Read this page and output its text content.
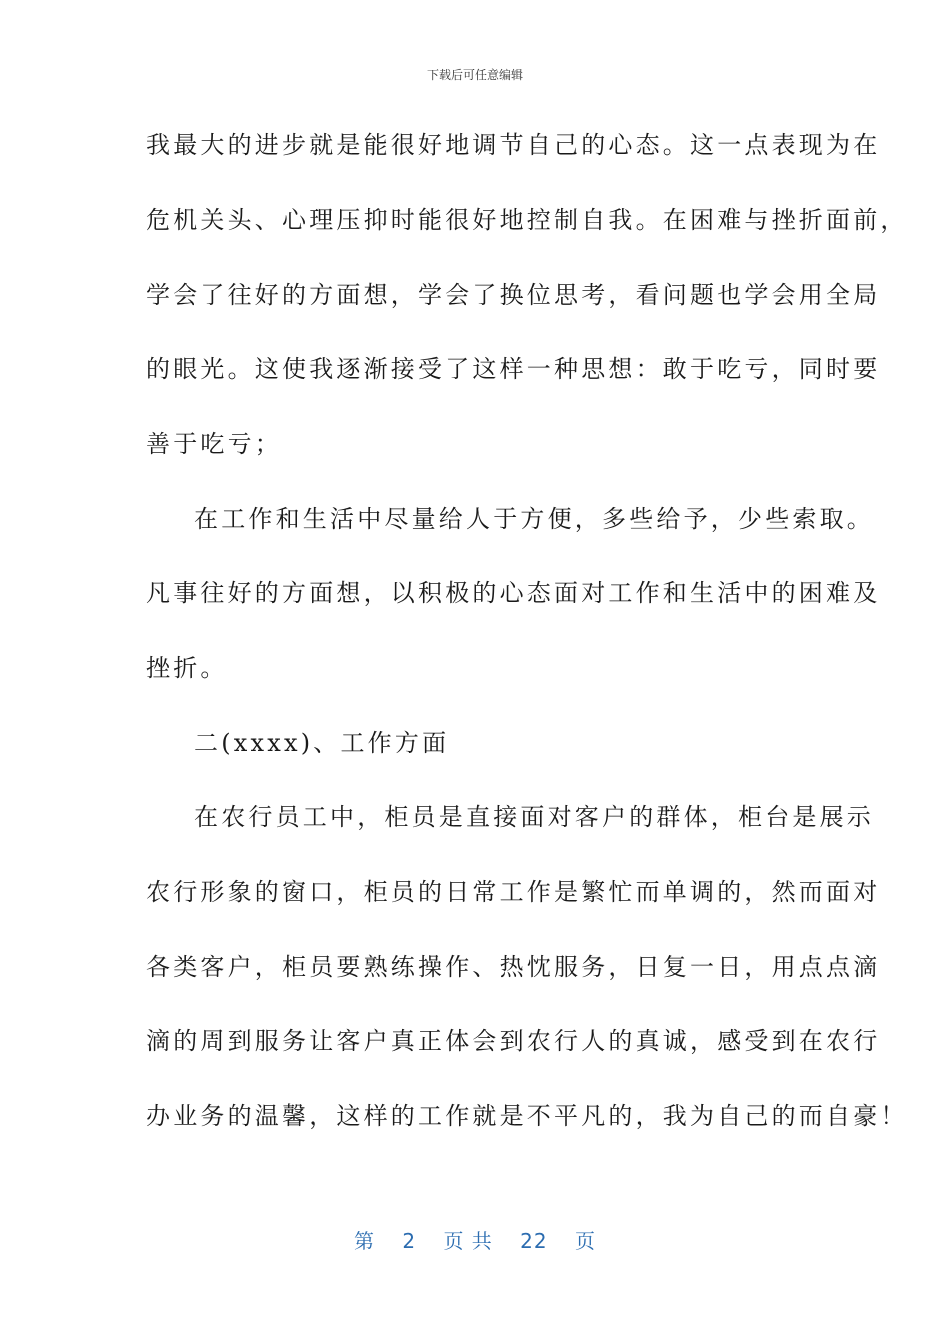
下载后可任意编辑
我最大的进步就是能很好地调节自己的心态。这一点表现为在
危机关头、心理压抑时能很好地控制自我。在困难与挫折面前，
学会了往好的方面想，学会了换位思考，看问题也学会用全局
的眼光。这使我逐渐接受了这样一种思想：敢于吃亏，同时要
善于吃亏；
在工作和生活中尽量给人于方便，多些给予，少些索取。
凡事往好的方面想，以积极的心态面对工作和生活中的困难及
挫折。
二(xxxx)、工作方面
在农行员工中，柜员是直接面对客户的群体，柜台是展示
农行形象的窗口，柜员的日常工作是繁忙而单调的，然而面对
各类客户，柜员要熟练操作、热忱服务，日复一日，用点点滴
滴的周到服务让客户真正体会到农行人的真诚，感受到在农行
办业务的温馨，这样的工作就是不平凡的，我为自己的而自豪！
第 2 页 共 22 页
